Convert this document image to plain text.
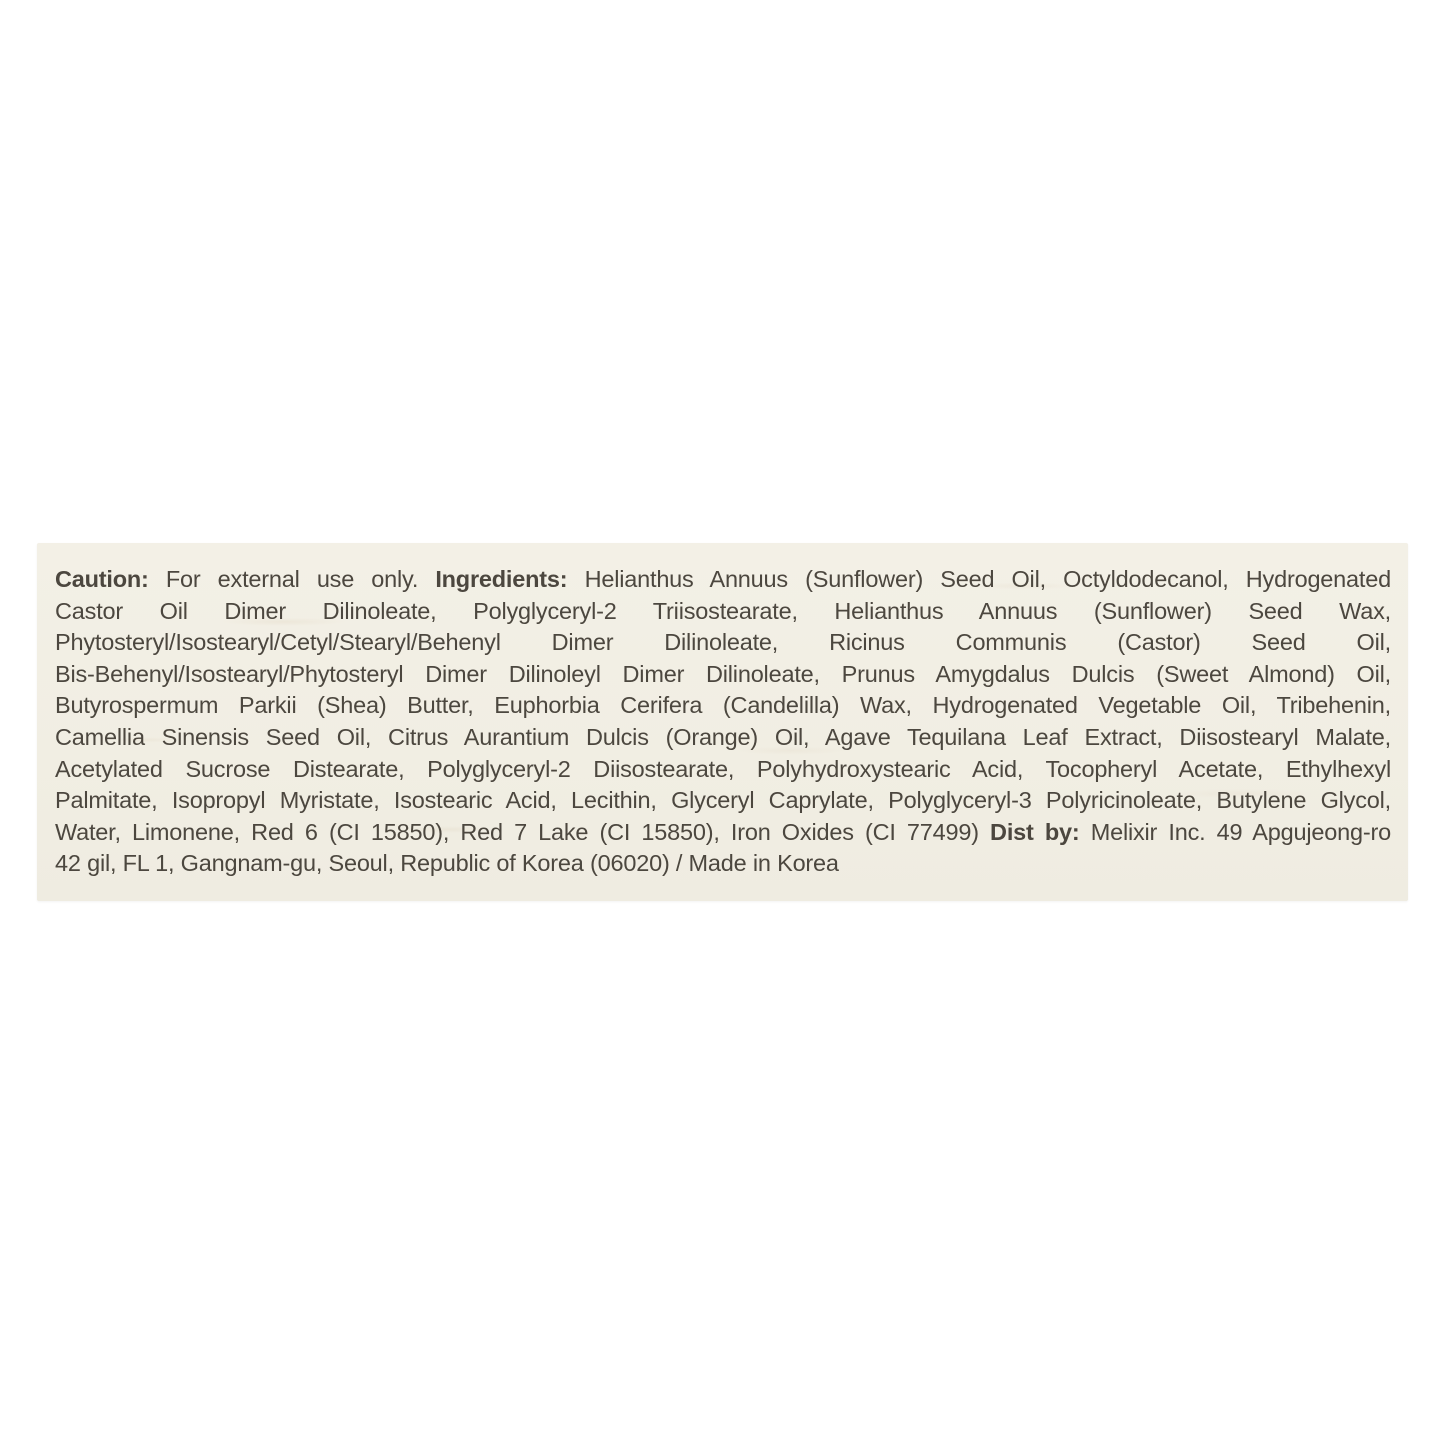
Caution: For external use only. Ingredients: Helianthus Annuus (Sunflower) Seed Oil, Octyldodecanol, Hydrogenated
Castor Oil Dimer Dilinoleate, Polyglyceryl-2 Triisostearate, Helianthus Annuus (Sunflower) Seed Wax,
Phytosteryl/Isostearyl/Cetyl/Stearyl/Behenyl Dimer Dilinoleate, Ricinus Communis (Castor) Seed Oil,
Bis-Behenyl/Isostearyl/Phytosteryl Dimer Dilinoleyl Dimer Dilinoleate, Prunus Amygdalus Dulcis (Sweet Almond) Oil,
Butyrospermum Parkii (Shea) Butter, Euphorbia Cerifera (Candelilla) Wax, Hydrogenated Vegetable Oil, Tribehenin,
Camellia Sinensis Seed Oil, Citrus Aurantium Dulcis (Orange) Oil, Agave Tequilana Leaf Extract, Diisostearyl Malate,
Acetylated Sucrose Distearate, Polyglyceryl-2 Diisostearate, Polyhydroxystearic Acid, Tocopheryl Acetate, Ethylhexyl
Palmitate, Isopropyl Myristate, Isostearic Acid, Lecithin, Glyceryl Caprylate, Polyglyceryl-3 Polyricinoleate, Butylene Glycol,
Water, Limonene, Red 6 (CI 15850), Red 7 Lake (CI 15850), Iron Oxides (CI 77499) Dist by: Melixir Inc. 49 Apgujeong-ro
42 gil, FL 1, Gangnam-gu, Seoul, Republic of Korea (06020) / Made in Korea
